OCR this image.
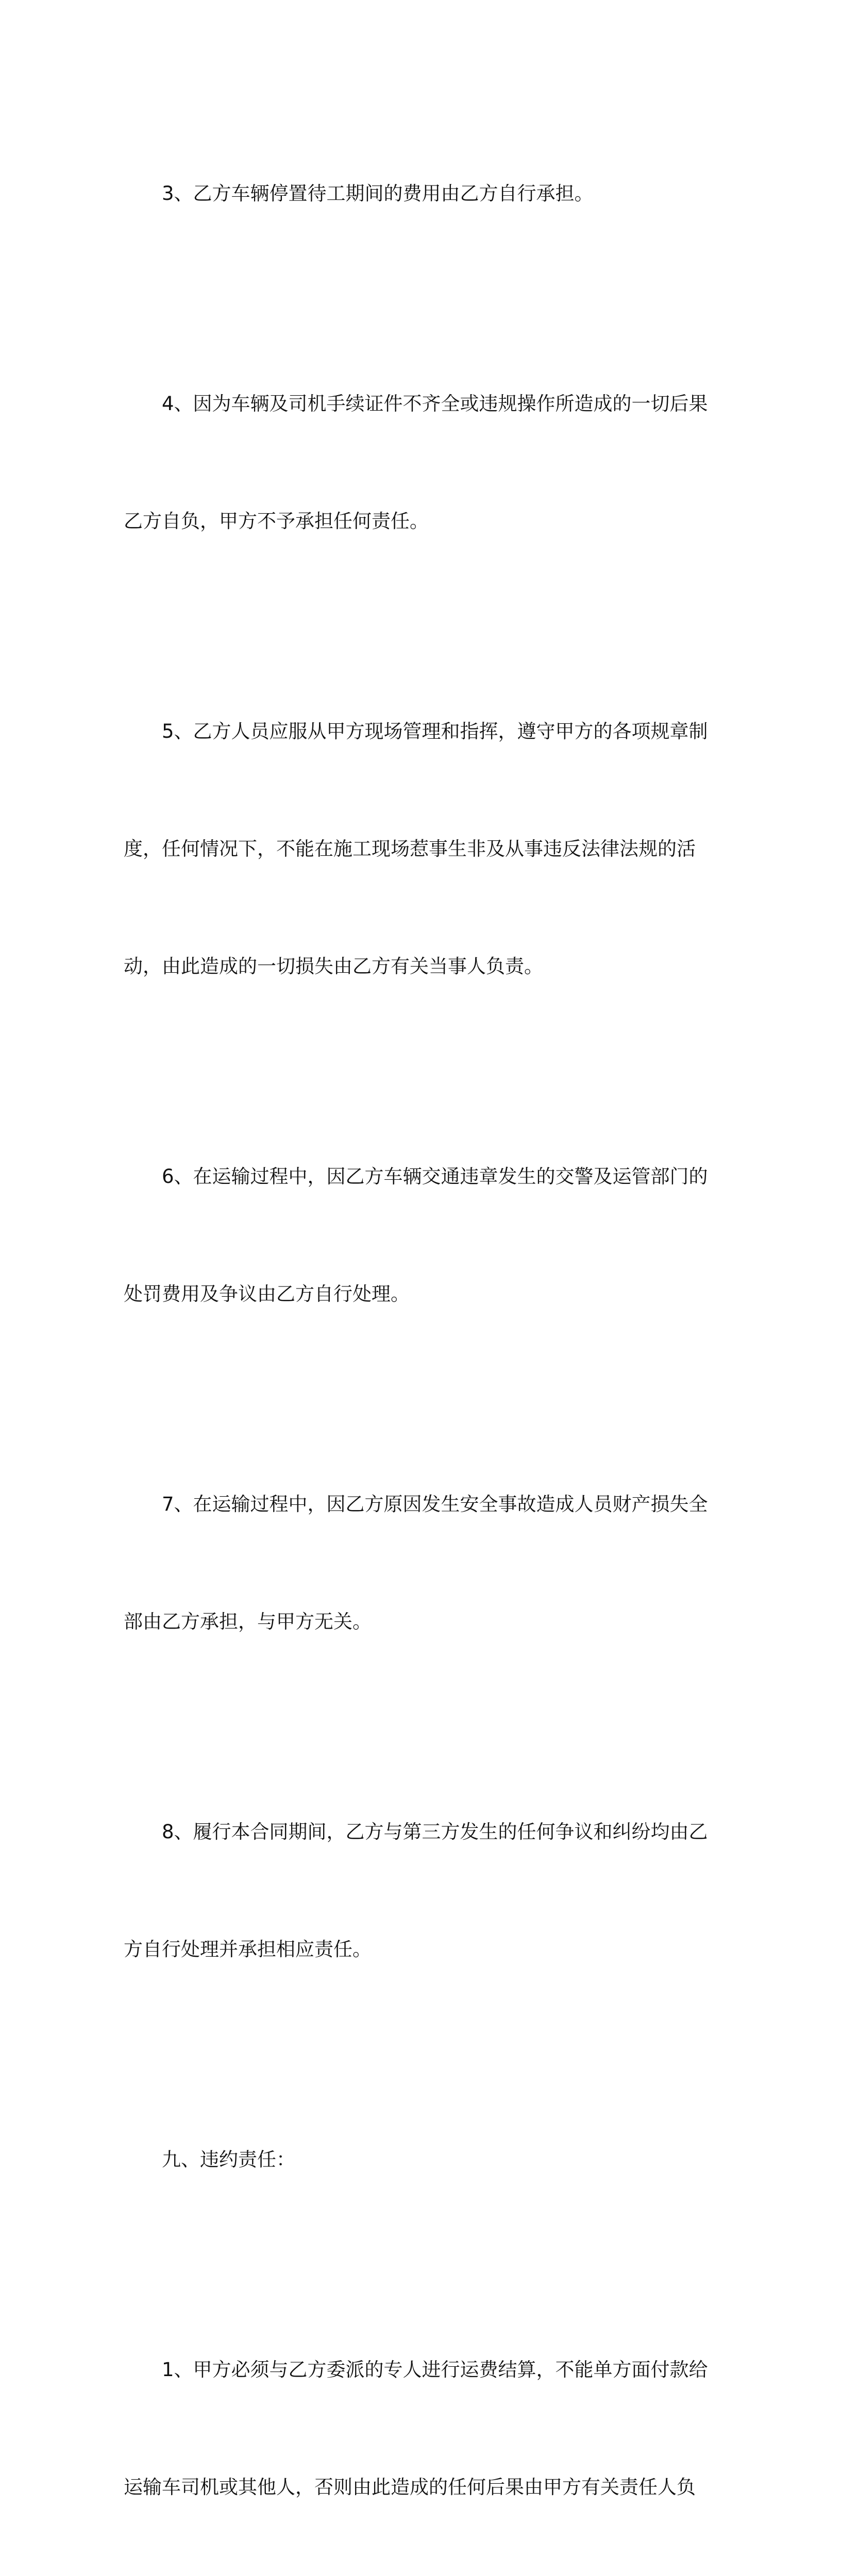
3、乙方车辆停置待工期间的费用由乙方自行承担。

4、因为车辆及司机手续证件不齐全或违规操作所造成的一切后果

乙方自负，甲方不予承担任何责任。

5、乙方人员应服从甲方现场管理和指挥，遵守甲方的各项规章制

度，任何情况下，不能在施工现场惹事生非及从事违反法律法规的活

动，由此造成的一切损失由乙方有关当事人负责。

6、在运输过程中，因乙方车辆交通违章发生的交警及运管部门的

处罚费用及争议由乙方自行处理。

7、在运输过程中，因乙方原因发生安全事故造成人员财产损失全

部由乙方承担，与甲方无关。

8、履行本合同期间，乙方与第三方发生的任何争议和纠纷均由乙

方自行处理并承担相应责任。

九、违约责任：

1、甲方必须与乙方委派的专人进行运费结算，不能单方面付款给

运输车司机或其他人，否则由此造成的任何后果由甲方有关责任人负
